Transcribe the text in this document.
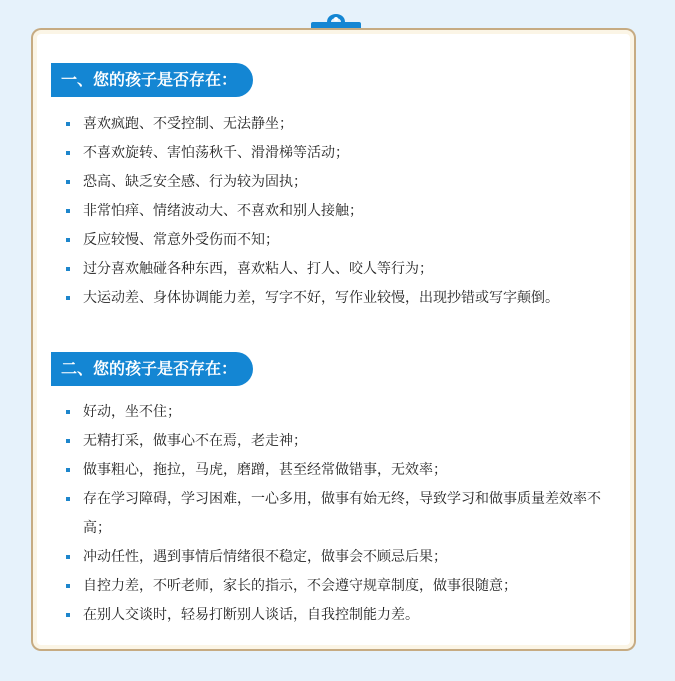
一、您的孩子是否存在：
喜欢疯跑、不受控制、无法静坐；
不喜欢旋转、害怕荡秋千、滑滑梯等活动；
恐高、缺乏安全感、行为较为固执；
非常怕痒、情绪波动大、不喜欢和别人接触；
反应较慢、常意外受伤而不知；
过分喜欢触碰各种东西，喜欢粘人、打人、咬人等行为；
大运动差、身体协调能力差，写字不好，写作业较慢，出现抄错或写字颠倒。
二、您的孩子是否存在：
好动，坐不住；
无精打采，做事心不在焉，老走神；
做事粗心，拖拉，马虎，磨蹭，甚至经常做错事，无效率；
存在学习障碍，学习困难，一心多用，做事有始无终，导致学习和做事质量差效率不高；
冲动任性，遇到事情后情绪很不稳定，做事会不顾忌后果；
自控力差，不听老师，家长的指示，不会遵守规章制度，做事很随意；
在别人交谈时，轻易打断别人谈话，自我控制能力差。
